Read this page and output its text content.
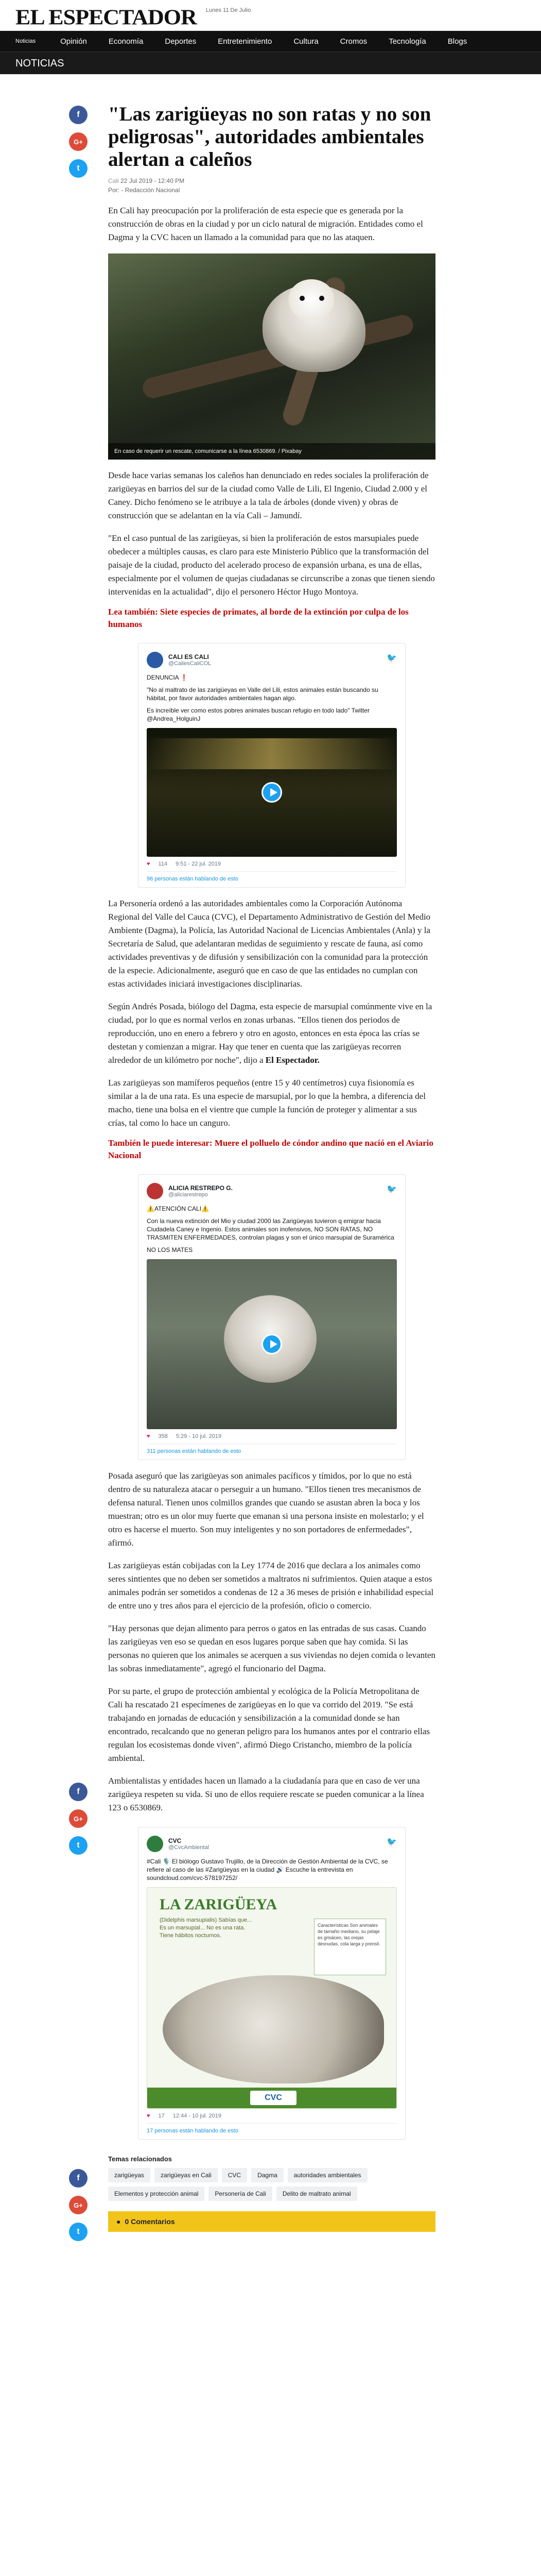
EL ESPECTADOR Lunes 11 De Julio
Noticias	Opinión	Economía	Deportes	Entretenimiento	Cultura	Cromos	Tecnología	Blogs
NOTICIAS
f
G+
t
f
G+
t
f
G+
t
"Las zarigüeyas no son ratas y no son peligrosas", autoridades ambientales alertan a caleños
Cali 22 Jul 2019 - 12:40 PM
Por: - Redacción Nacional

En Cali hay preocupación por la proliferación de esta especie que es generada por la construcción de obras en la ciudad y por un ciclo natural de migración. Entidades como el Dagma y la CVC hacen un llamado a la comunidad para que no las ataquen.

En caso de requerir un rescate, comunicarse a la línea 6530869. / Pixabay

Desde hace varias semanas los caleños han denunciado en redes sociales la proliferación de zarigüeyas en barrios del sur de la ciudad como Valle de Lili, El Ingenio, Ciudad 2.000 y el Caney. Dicho fenómeno se le atribuye a la tala de árboles (donde viven) y obras de construcción que se adelantan en la vía Cali – Jamundí.

"En el caso puntual de las zarigüeyas, si bien la proliferación de estos marsupiales puede obedecer a múltiples causas, es claro para este Ministerio Público que la transformación del paisaje de la ciudad, producto del acelerado proceso de expansión urbana, es una de ellas, especialmente por el volumen de quejas ciudadanas se circunscribe a zonas que tienen siendo intervenidas en la actualidad", dijo el personero Héctor Hugo Montoya.

Lea también: Siete especies de primates, al borde de la extinción por culpa de los humanos
CALI ES CALI
@CaliesCaliCOL
🐦
DENUNCIA ❗
"No al maltrato de las zarigüeyas en Valle del Lili, estos animales están buscando su hábitat, por favor autoridades ambientales hagan algo.
Es increíble ver como estos pobres animales buscan refugio en todo lado" Twitter @Andrea_HolguinJ
♥ 114 9:51 - 22 jul. 2019
96 personas están hablando de esto

La Personería ordenó a las autoridades ambientales como la Corporación Autónoma Regional del Valle del Cauca (CVC), el Departamento Administrativo de Gestión del Medio Ambiente (Dagma), la Policía, las Autoridad Nacional de Licencias Ambientales (Anla) y la Secretaría de Salud, que adelantaran medidas de seguimiento y rescate de fauna, así como actividades preventivas y de difusión y sensibilización con la comunidad para la protección de la especie. Adicionalmente, aseguró que en caso de que las entidades no cumplan con estas actividades iniciará investigaciones disciplinarias.

Según Andrés Posada, biólogo del Dagma, esta especie de marsupial comúnmente vive en la ciudad, por lo que es normal verlos en zonas urbanas. "Ellos tienen dos periodos de reproducción, uno en enero a febrero y otro en agosto, entonces en esta época las crías se destetan y comienzan a migrar. Hay que tener en cuenta que las zarigüeyas recorren alrededor de un kilómetro por noche", dijo a El Espectador.

Las zarigüeyas son mamíferos pequeños (entre 15 y 40 centímetros) cuya fisionomía es similar a la de una rata. Es una especie de marsupial, por lo que la hembra, a diferencia del macho, tiene una bolsa en el vientre que cumple la función de proteger y alimentar a sus crías, tal como lo hace un canguro.

También le puede interesar: Muere el polluelo de cóndor andino que nació en el Aviario Nacional
ALICIA RESTREPO G.
@aliciarestrepo
🐦
⚠️ATENCIÓN CALI⚠️
Con la nueva extinción del Mio y ciudad 2000 las Zarigüeyas tuvieron q emigrar hacia Ciudadela Caney e Ingenio. Estos animales son inofensivos, NO SON RATAS, NO TRASMITEN ENFERMEDADES, controlan plagas y son el único marsupial de Suramérica
NO LOS MATES
♥ 358 5:29 - 10 jul. 2019
311 personas están hablando de esto

Posada aseguró que las zarigüeyas son animales pacíficos y tímidos, por lo que no está dentro de su naturaleza atacar o perseguir a un humano. "Ellos tienen tres mecanismos de defensa natural. Tienen unos colmillos grandes que cuando se asustan abren la boca y los muestran; otro es un olor muy fuerte que emanan si una persona insiste en molestarlo; y el otro es hacerse el muerto. Son muy inteligentes y no son portadores de enfermedades", afirmó.

Las zarigüeyas están cobijadas con la Ley 1774 de 2016 que declara a los animales como seres sintientes que no deben ser sometidos a maltratos ni sufrimientos. Quien ataque a estos animales podrán ser sometidos a condenas de 12 a 36 meses de prisión e inhabilidad especial de entre uno y tres años para el ejercicio de la profesión, oficio o comercio.

"Hay personas que dejan alimento para perros o gatos en las entradas de sus casas. Cuando las zarigüeyas ven eso se quedan en esos lugares porque saben que hay comida. Si las personas no quieren que los animales se acerquen a sus viviendas no dejen comida o levanten las sobras inmediatamente", agregó el funcionario del Dagma.

Por su parte, el grupo de protección ambiental y ecológica de la Policía Metropolitana de Cali ha rescatado 21 especímenes de zarigüeyas en lo que va corrido del 2019. "Se está trabajando en jornadas de educación y sensibilización a la comunidad donde se han encontrado, recalcando que no generan peligro para los humanos antes por el contrario ellas regulan los ecosistemas donde viven", afirmó Diego Cristancho, miembro de la policía ambiental.

Ambientalistas y entidades hacen un llamado a la ciudadanía para que en caso de ver una zarigüeya respeten su vida. Si uno de ellos requiere rescate se pueden comunicar a la línea 123 o 6530869.

CVC
@CvcAmbiental
🐦
#Cali 🎙️ El biólogo Gustavo Trujillo, de la Dirección de Gestión Ambiental de la CVC, se refiere al caso de las #Zarigüeyas en la ciudad 🔊 Escuche la entrevista en soundcloud.com/cvc-578197252/
LA ZARIGÜEYA
(Didelphis marsupialis) Sabías que... Es un marsupial... No es una rata. Tiene hábitos nocturnos.
Características Son animales de tamaño mediano, su pelaje es grisáceo, las orejas desnudas, cola larga y prensil.
CVC
♥ 17 12:44 - 10 jul. 2019
17 personas están hablando de esto
Temas relacionados
zarigüeyas	zarigüeyas en Cali	CVC	Dagma	autoridades ambientales
Elementos y protección animal	Personería de Cali	Delito de maltrato animal
● 0 Comentarios
